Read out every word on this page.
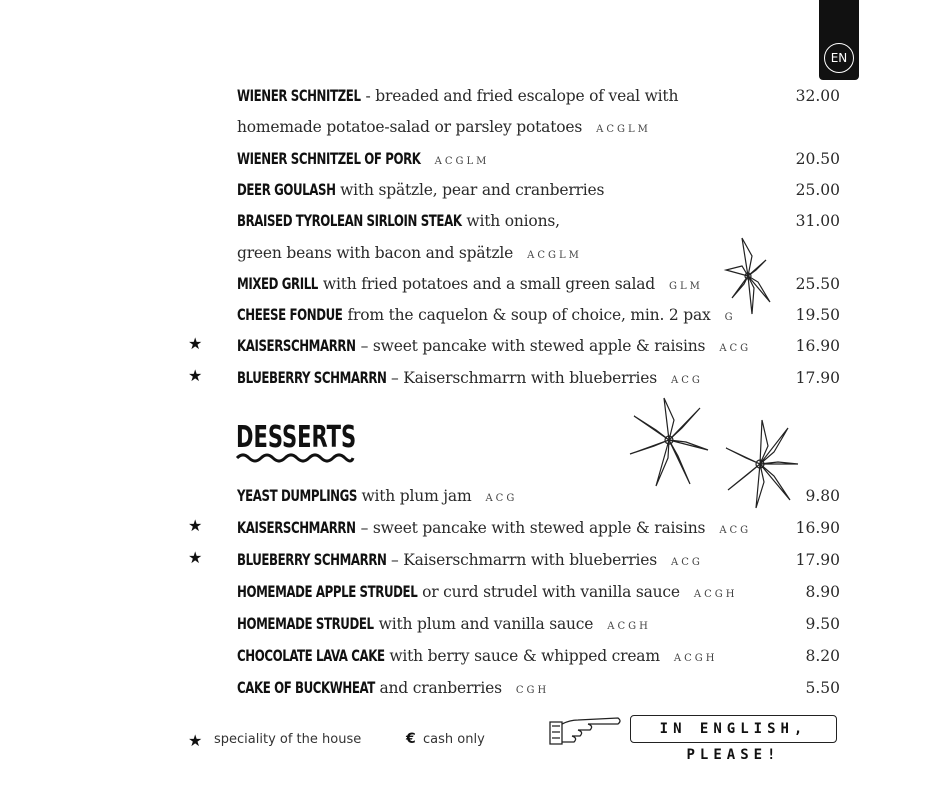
EN
WIENER SCHNITZEL - breaded and fried escalope of veal with	32.00
homemade potatoe-salad or parsley potatoes ACGLM
WIENER SCHNITZEL OF PORK ACGLM	20.50
DEER GOULASH with spätzle, pear and cranberries	25.00
BRAISED TYROLEAN SIRLOIN STEAK with onions,	31.00
green beans with bacon and spätzle ACGLM
MIXED GRILL with fried potatoes and a small green salad GLM	25.50
CHEESE FONDUE from the caquelon & soup of choice, min. 2 pax G	19.50
KAISERSCHMARRN – sweet pancake with stewed apple & raisins ACG	16.90
★
BLUEBERRY SCHMARRN – Kaiserschmarrn with blueberries ACG	17.90
★
DESSERTS
YEAST DUMPLINGS with plum jam ACG	9.80
KAISERSCHMARRN – sweet pancake with stewed apple & raisins ACG	16.90
★
BLUEBERRY SCHMARRN – Kaiserschmarrn with blueberries ACG	17.90
★
HOMEMADE APPLE STRUDEL or curd strudel with vanilla sauce ACGH	8.90
HOMEMADE STRUDEL with plum and vanilla sauce ACGH	9.50
CHOCOLATE LAVA CAKE with berry sauce & whipped cream ACGH	8.20
CAKE OF BUCKWHEAT and cranberries CGH	5.50
★ speciality of the house	€ cash only
IN ENGLISH, PLEASE!
